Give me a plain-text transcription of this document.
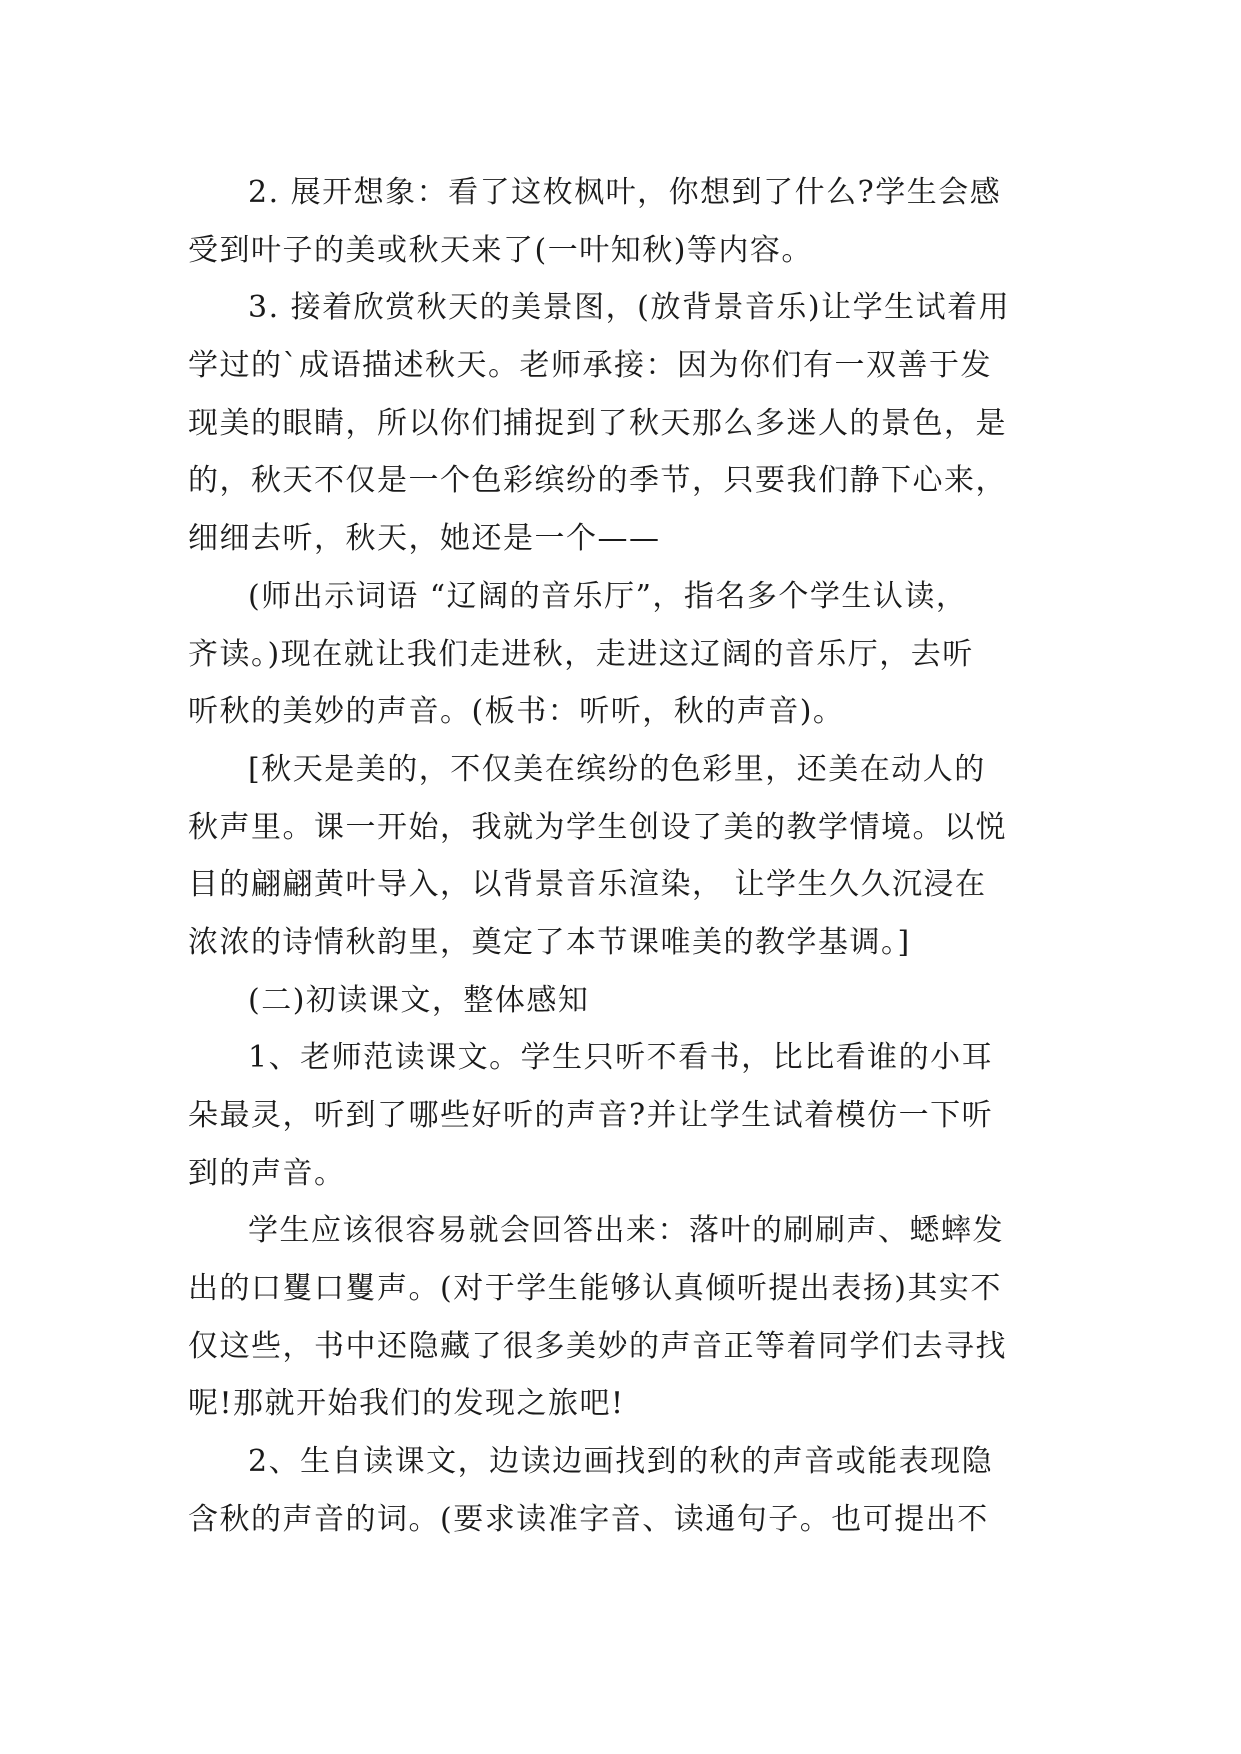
2. 展开想象：看了这枚枫叶，你想到了什么?学生会感
受到叶子的美或秋天来了(一叶知秋)等内容。
3. 接着欣赏秋天的美景图，(放背景音乐)让学生试着用
学过的`成语描述秋天。老师承接：因为你们有一双善于发
现美的眼睛，所以你们捕捉到了秋天那么多迷人的景色，是
的，秋天不仅是一个色彩缤纷的季节，只要我们静下心来，
细细去听，秋天，她还是一个——
(师出示词语 “辽阔的音乐厅”，指名多个学生认读，
齐读。)现在就让我们走进秋，走进这辽阔的音乐厅，去听
听秋的美妙的声音。(板书：听听，秋的声音)。
[秋天是美的，不仅美在缤纷的色彩里，还美在动人的
秋声里。课一开始，我就为学生创设了美的教学情境。以悦
目的翩翩黄叶导入，以背景音乐渲染， 让学生久久沉浸在
浓浓的诗情秋韵里，奠定了本节课唯美的教学基调。]
(二)初读课文，整体感知
1、老师范读课文。学生只听不看书，比比看谁的小耳
朵最灵，听到了哪些好听的声音?并让学生试着模仿一下听
到的声音。
学生应该很容易就会回答出来：落叶的刷刷声、蟋蟀发
出的口矍口矍声。(对于学生能够认真倾听提出表扬)其实不
仅这些，书中还隐藏了很多美妙的声音正等着同学们去寻找
呢!那就开始我们的发现之旅吧!
2、生自读课文，边读边画找到的秋的声音或能表现隐
含秋的声音的词。(要求读准字音、读通句子。也可提出不
